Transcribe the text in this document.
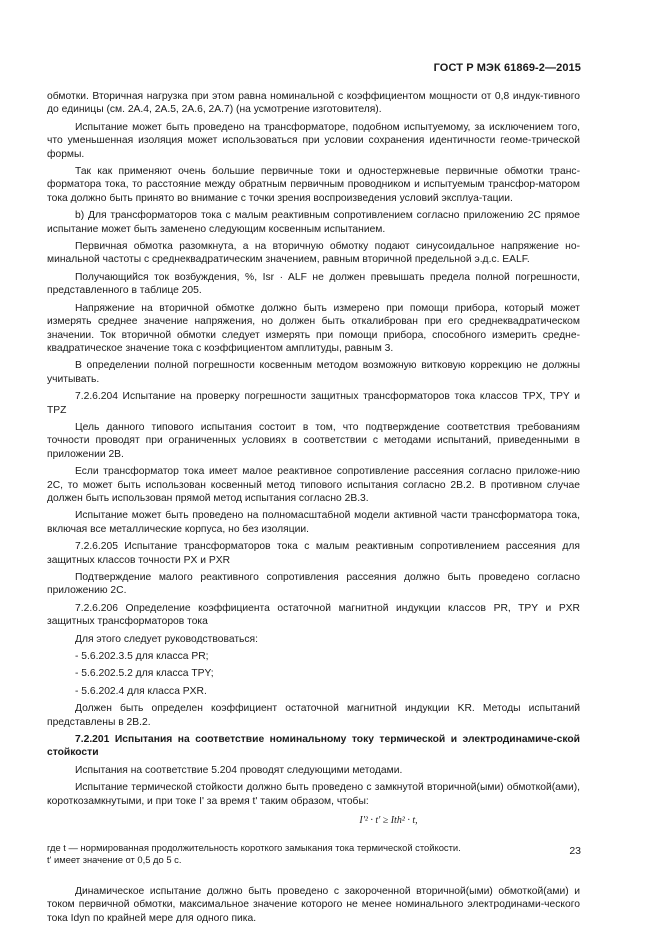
ГОСТ Р МЭК 61869-2—2015

обмотки. Вторичная нагрузка при этом равна номинальной с коэффициентом мощности от 0,8 индук-тивного до единицы (см. 2А.4, 2А.5, 2А.6, 2А.7) (на усмотрение изготовителя).

Испытание может быть проведено на трансформаторе, подобном испытуемому, за исключением того, что уменьшенная изоляция может использоваться при условии сохранения идентичности геоме-трической формы.

Так как применяют очень большие первичные токи и одностержневые первичные обмотки транс-форматора тока, то расстояние между обратным первичным проводником и испытуемым трансфор-матором тока должно быть принято во внимание с точки зрения воспроизведения условий эксплуа-тации.

b) Для трансформаторов тока с малым реактивным сопротивлением согласно приложению 2С прямое испытание может быть заменено следующим косвенным испытанием.

Первичная обмотка разомкнута, а на вторичную обмотку подают синусоидальное напряжение но-минальной частоты с среднеквадратическим значением, равным вторичной предельной э.д.с. EALF.

Получающийся ток возбуждения, %, Isr · ALF не должен превышать предела полной погрешности, представленного в таблице 205.

Напряжение на вторичной обмотке должно быть измерено при помощи прибора, который может измерять среднее значение напряжения, но должен быть откалиброван при его среднеквадратическом значении. Ток вторичной обмотки следует измерять при помощи прибора, способного измерить средне-квадратическое значение тока с коэффициентом амплитуды, равным 3.

В определении полной погрешности косвенным методом возможную витковую коррекцию не должны учитывать.

7.2.6.204 Испытание на проверку погрешности защитных трансформаторов тока классов TPX, TPY и TPZ

Цель данного типового испытания состоит в том, что подтверждение соответствия требованиям точности проводят при ограниченных условиях в соответствии с методами испытаний, приведенными в приложении 2В.

Если трансформатор тока имеет малое реактивное сопротивление рассеяния согласно приложе-нию 2С, то может быть использован косвенный метод типового испытания согласно 2В.2. В противном случае должен быть использован прямой метод испытания согласно 2В.3.

Испытание может быть проведено на полномасштабной модели активной части трансформатора тока, включая все металлические корпуса, но без изоляции.

7.2.6.205 Испытание трансформаторов тока с малым реактивным сопротивлением рассеяния для защитных классов точности PX и PXR

Подтверждение малого реактивного сопротивления рассеяния должно быть проведено согласно приложению 2С.

7.2.6.206 Определение коэффициента остаточной магнитной индукции классов PR, TPY и PXR защитных трансформаторов тока

Для этого следует руководствоваться:

- 5.6.202.3.5 для класса PR;

- 5.6.202.5.2 для класса TPY;

- 5.6.202.4 для класса PXR.

Должен быть определен коэффициент остаточной магнитной индукции KR. Методы испытаний представлены в 2В.2.

7.2.201 Испытания на соответствие номинальному току термической и электродинамиче-ской стойкости

Испытания на соответствие 5.204 проводят следующими методами.

Испытание термической стойкости должно быть проведено с замкнутой вторичной(ыми) обмоткой(ами), короткозамкнутыми, и при токе I' за время t' таким образом, чтобы:

I'² · t' ≥ Ith² · t,

где t — нормированная продолжительность короткого замыкания тока термической стойкости.

t' имеет значение от 0,5 до 5 с.

Динамическое испытание должно быть проведено с закороченной вторичной(ыми) обмоткой(ами) и током первичной обмотки, максимальное значение которого не менее номинального электродинами-ческого тока Idyn по крайней мере для одного пика.

23
